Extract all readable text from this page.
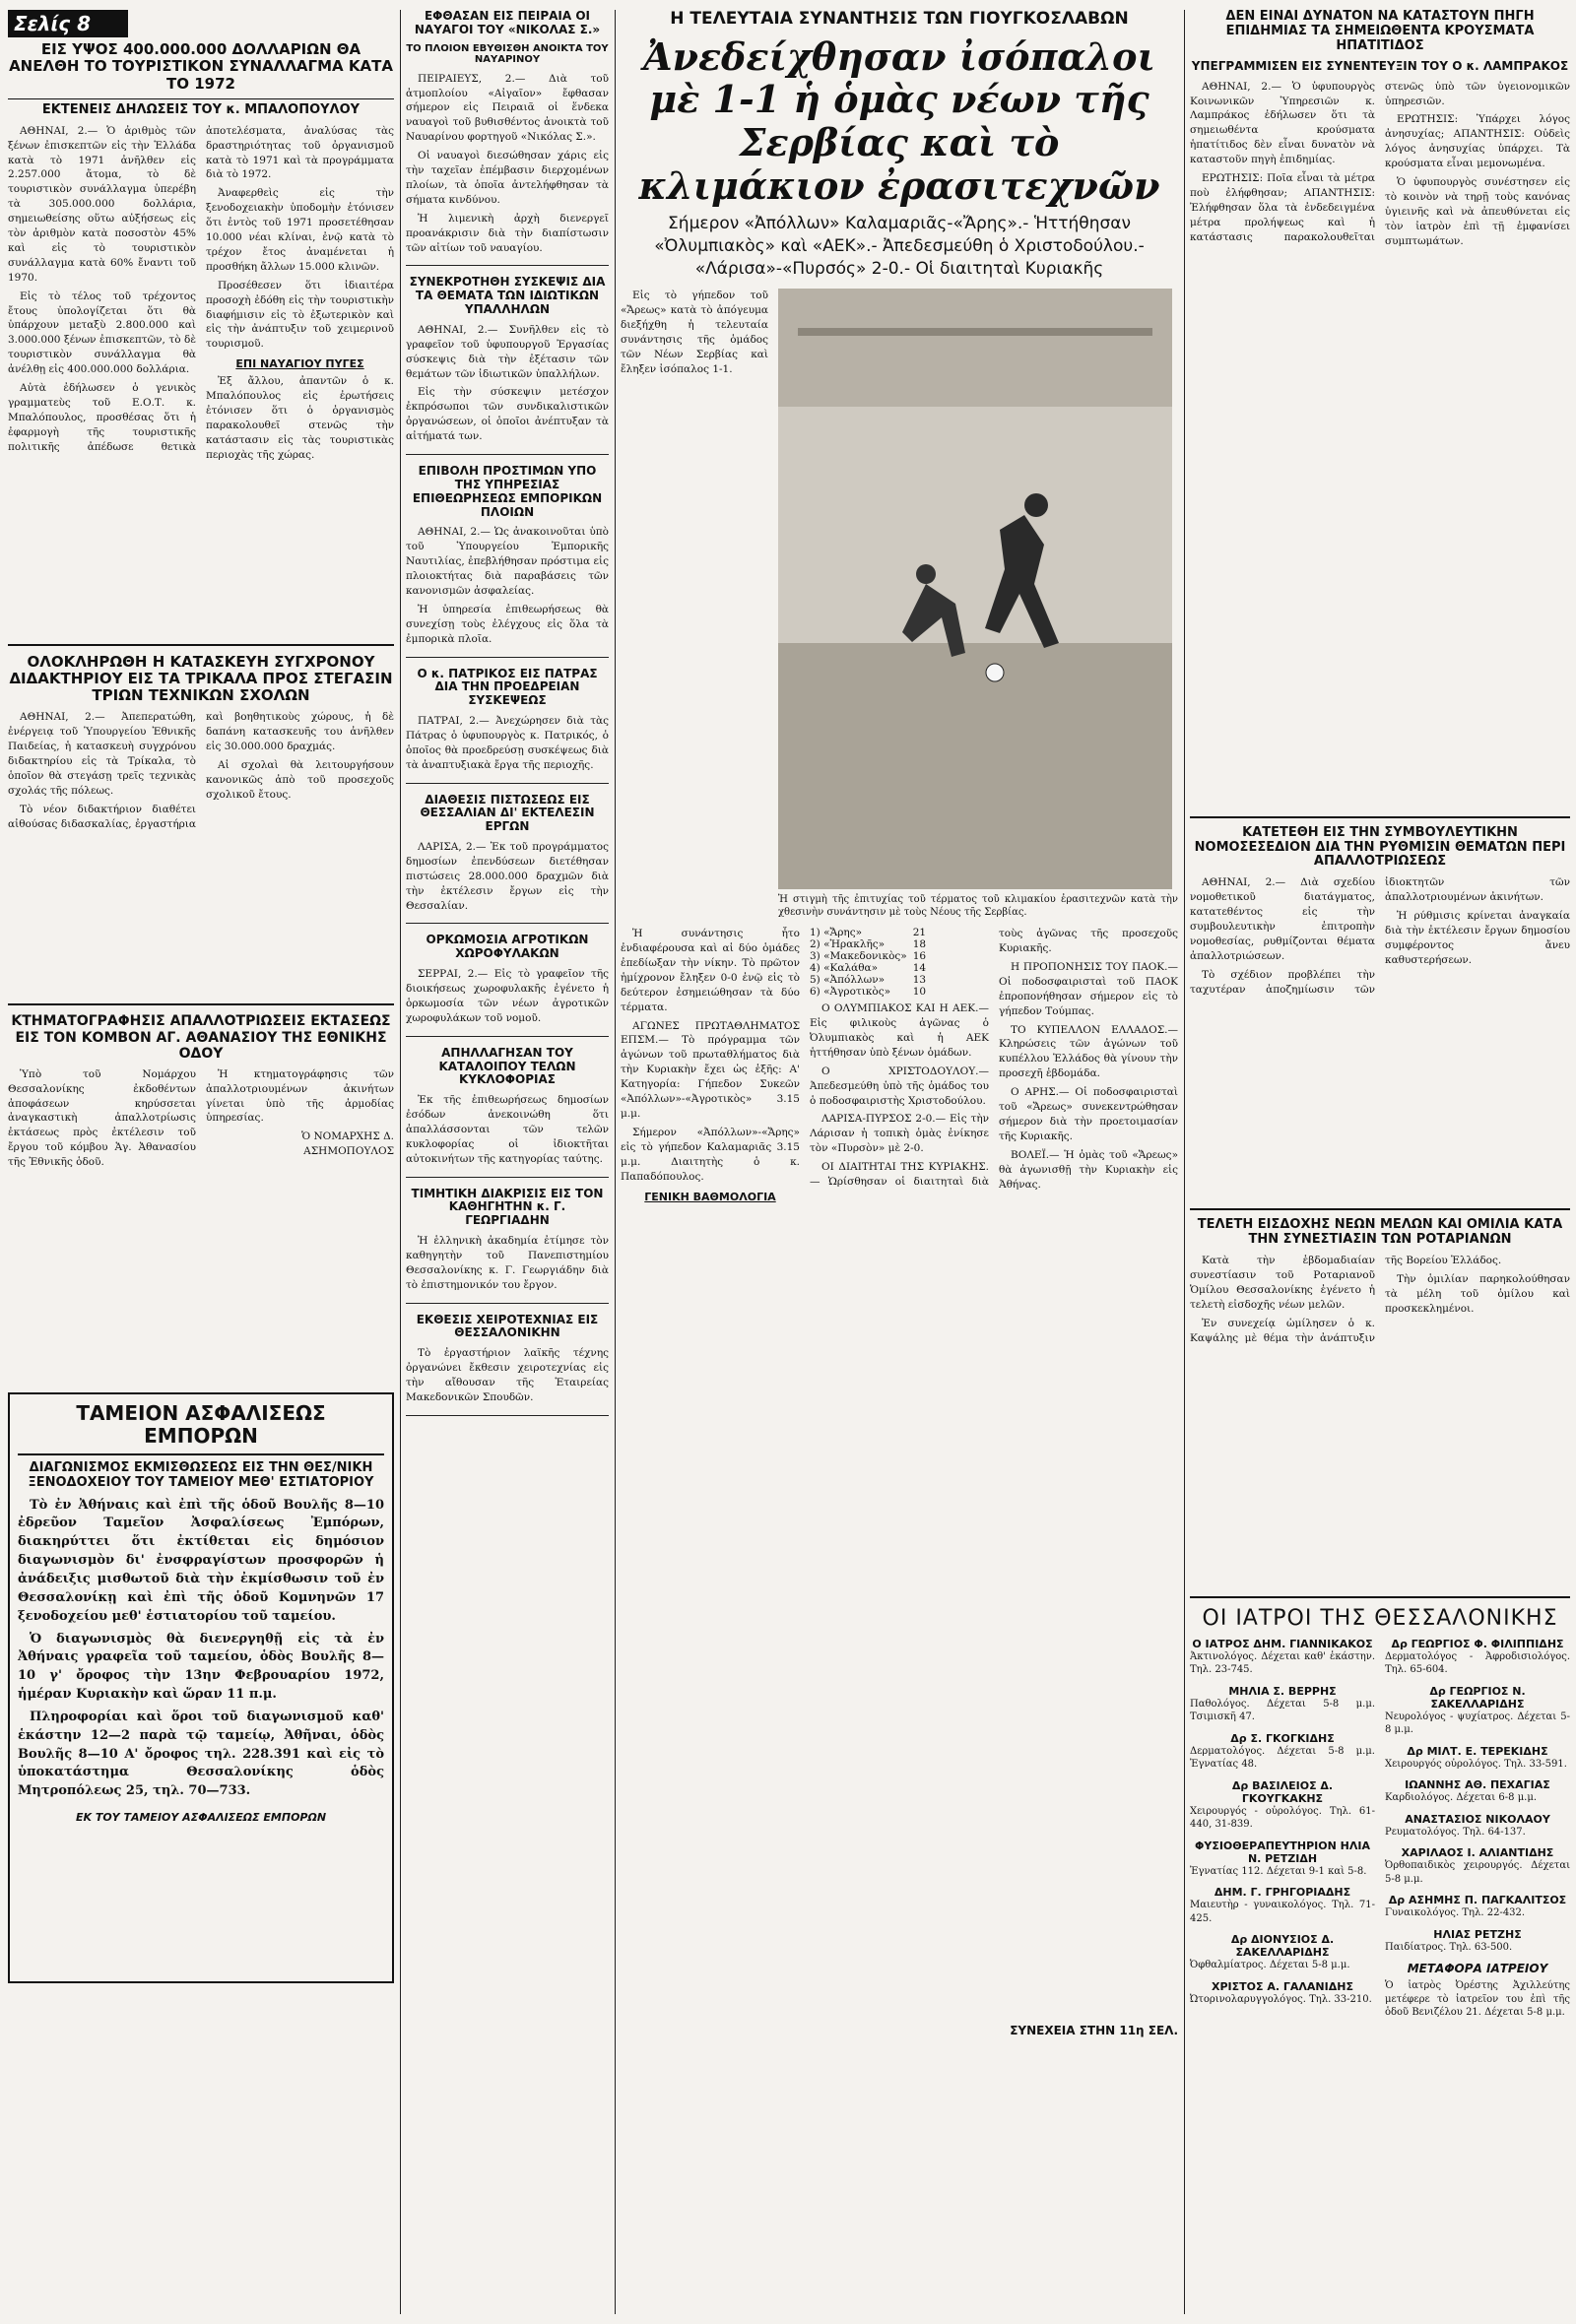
Σελίς 8
ΕΙΣ ΥΨΟΣ 400.000.000 ΔΟΛΛΑΡΙΩΝ ΘΑ ΑΝΕΛΘΗ ΤΟ ΤΟΥΡΙΣΤΙΚΟΝ ΣΥΝΑΛΛΑΓΜΑ ΚΑΤΑ ΤΟ 1972
ΕΚΤΕΝΕΙΣ ΔΗΛΩΣΕΙΣ ΤΟΥ κ. ΜΠΑΛΟΠΟΥΛΟΥ

ΑΘΗΝΑΙ, 2.— Ὁ ἀριθμὸς τῶν ξένων ἐπισκεπτῶν εἰς τὴν Ἑλλάδα κατὰ τὸ 1971 ἀνῆλθεν εἰς 2.257.000 ἄτομα, τὸ δὲ τουριστικὸν συνάλλαγμα ὑπερέβη τὰ 305.000.000 δολλάρια, σημειωθείσης οὕτω αὐξήσεως εἰς τὸν ἀριθμὸν κατὰ ποσοστὸν 45% καὶ εἰς τὸ τουριστικὸν συνάλλαγμα κατὰ 60% ἔναντι τοῦ 1970.

Εἰς τὸ τέλος τοῦ τρέχοντος ἔτους ὑπολογίζεται ὅτι θὰ ὑπάρχουν μεταξὺ 2.800.000 καὶ 3.000.000 ξένων ἐπισκεπτῶν, τὸ δὲ τουριστικὸν συνάλλαγμα θὰ ἀνέλθῃ εἰς 400.000.000 δολλάρια.

Αὐτὰ ἐδήλωσεν ὁ γενικὸς γραμματεὺς τοῦ Ε.Ο.Τ. κ. Μπαλόπουλος, προσθέσας ὅτι ἡ ἐφαρμογὴ τῆς τουριστικῆς πολιτικῆς ἀπέδωσε θετικὰ ἀποτελέσματα, ἀναλύσας τὰς δραστηριότητας τοῦ ὀργανισμοῦ κατὰ τὸ 1971 καὶ τὰ προγράμματα διὰ τὸ 1972.

Ἀναφερθεὶς εἰς τὴν ξενοδοχειακὴν ὑποδομὴν ἐτόνισεν ὅτι ἐντὸς τοῦ 1971 προσετέθησαν 10.000 νέαι κλίναι, ἐνῷ κατὰ τὸ τρέχον ἔτος ἀναμένεται ἡ προσθήκη ἄλλων 15.000 κλινῶν.

Προσέθεσεν ὅτι ἰδιαιτέρα προσοχὴ ἐδόθη εἰς τὴν τουριστικὴν διαφήμισιν εἰς τὸ ἐξωτερικὸν καὶ εἰς τὴν ἀνάπτυξιν τοῦ χειμερινοῦ τουρισμοῦ.

ΕΠΙ ΝΑΥΑΓΙΟΥ ΠΥΓΕΣ

Ἐξ ἄλλου, ἀπαντῶν ὁ κ. Μπαλόπουλος εἰς ἐρωτήσεις ἐτόνισεν ὅτι ὁ ὀργανισμὸς παρακολουθεῖ στενῶς τὴν κατάστασιν εἰς τὰς τουριστικὰς περιοχὰς τῆς χώρας.

ΟΛΟΚΛΗΡΩΘΗ Η ΚΑΤΑΣΚΕΥΗ ΣΥΓΧΡΟΝΟΥ ΔΙΔΑΚΤΗΡΙΟΥ ΕΙΣ ΤΑ ΤΡΙΚΑΛΑ ΠΡΟΣ ΣΤΕΓΑΣΙΝ ΤΡΙΩΝ ΤΕΧΝΙΚΩΝ ΣΧΟΛΩΝ

ΑΘΗΝΑΙ, 2.— Ἀπεπερατώθη, ἐνέργειᾳ τοῦ Ὑπουργείου Ἐθνικῆς Παιδείας, ἡ κατασκευὴ συγχρόνου διδακτηρίου εἰς τὰ Τρίκαλα, τὸ ὁποῖον θὰ στεγάσῃ τρεῖς τεχνικὰς σχολάς τῆς πόλεως.

Τὸ νέον διδακτήριον διαθέτει αἰθούσας διδασκαλίας, ἐργαστήρια καὶ βοηθητικοὺς χώρους, ἡ δὲ δαπάνη κατασκευῆς του ἀνῆλθεν εἰς 30.000.000 δραχμάς.

Αἱ σχολαὶ θὰ λειτουργήσουν κανονικῶς ἀπὸ τοῦ προσεχοῦς σχολικοῦ ἔτους.

ΚΤΗΜΑΤΟΓΡΑΦΗΣΙΣ ΑΠΑΛΛΟΤΡΙΩΣΕΙΣ ΕΚΤΑΣΕΩΣ ΕΙΣ ΤΟΝ ΚΟΜΒΟΝ ΑΓ. ΑΘΑΝΑΣΙΟΥ ΤΗΣ ΕΘΝΙΚΗΣ ΟΔΟΥ

Ὑπὸ τοῦ Νομάρχου Θεσσαλονίκης ἐκδοθέντων ἀποφάσεων κηρύσσεται ἀναγκαστικὴ ἀπαλλοτρίωσις ἐκτάσεως πρὸς ἐκτέλεσιν τοῦ ἔργου τοῦ κόμβου Ἁγ. Ἀθανασίου τῆς Ἐθνικῆς ὁδοῦ.

Ἡ κτηματογράφησις τῶν ἀπαλλοτριουμένων ἀκινήτων γίνεται ὑπὸ τῆς ἁρμοδίας ὑπηρεσίας.

Ὁ ΝΟΜΑΡΧΗΣ Δ. ΑΣΗΜΟΠΟΥΛΟΣ

ΤΑΜΕΙΟΝ ΑΣΦΑΛΙΣΕΩΣ ΕΜΠΟΡΩΝ
ΔΙΑΓΩΝΙΣΜΟΣ ΕΚΜΙΣΘΩΣΕΩΣ ΕΙΣ ΤΗΝ ΘΕΣ/ΝΙΚΗ ΞΕΝΟΔΟΧΕΙΟΥ ΤΟΥ ΤΑΜΕΙΟΥ ΜΕΘ' ΕΣΤΙΑΤΟΡΙΟΥ

Τὸ ἐν Ἀθήναις καὶ ἐπὶ τῆς ὁδοῦ Βουλῆς 8—10 ἐδρεῦον Ταμεῖον Ἀσφαλίσεως Ἐμπόρων, διακηρύττει ὅτι ἐκτίθεται εἰς δημόσιον διαγωνισμὸν δι' ἐνσφραγίστων προσφορῶν ἡ ἀνάδειξις μισθωτοῦ διὰ τὴν ἐκμίσθωσιν τοῦ ἐν Θεσσαλονίκῃ καὶ ἐπὶ τῆς ὁδοῦ Κομνηνῶν 17 ξενοδοχείου μεθ' ἑστιατορίου τοῦ ταμείου.

Ὁ διαγωνισμὸς θὰ διενεργηθῇ εἰς τὰ ἐν Ἀθήναις γραφεῖα τοῦ ταμείου, ὁδὸς Βουλῆς 8—10 γ' ὄροφος τὴν 13ην Φεβρουαρίου 1972, ἡμέραν Κυριακὴν καὶ ὥραν 11 π.μ.

Πληροφορίαι καὶ ὅροι τοῦ διαγωνισμοῦ καθ' ἑκάστην 12—2 παρὰ τῷ ταμείῳ, Ἀθῆναι, ὁδὸς Βουλῆς 8—10 Α' ὄροφος τηλ. 228.391 καὶ εἰς τὸ ὑποκατάστημα Θεσσαλονίκης ὁδὸς Μητροπόλεως 25, τηλ. 70—733.

ΕΚ ΤΟΥ ΤΑΜΕΙΟΥ ΑΣΦΑΛΙΣΕΩΣ ΕΜΠΟΡΩΝ
ΕΦΘΑΣΑΝ ΕΙΣ ΠΕΙΡΑΙΑ ΟΙ ΝΑΥΑΓΟΙ ΤΟΥ «ΝΙΚΟΛΑΣ Σ.»
ΤΟ ΠΛΟΙΟΝ ΕΒΥΘΙΣΘΗ ΑΝΟΙΚΤΑ ΤΟΥ ΝΑΥΑΡΙΝΟΥ

ΠΕΙΡΑΙΕΥΣ, 2.— Διὰ τοῦ ἀτμοπλοίου «Αἰγαῖον» ἔφθασαν σήμερον εἰς Πειραιᾶ οἱ ἕνδεκα ναυαγοὶ τοῦ βυθισθέντος ἀνοικτὰ τοῦ Ναυαρίνου φορτηγοῦ «Νικόλας Σ.».

Οἱ ναυαγοὶ διεσώθησαν χάρις εἰς τὴν ταχεῖαν ἐπέμβασιν διερχομένων πλοίων, τὰ ὁποῖα ἀντελήφθησαν τὰ σήματα κινδύνου.

Ἡ λιμενικὴ ἀρχὴ διενεργεῖ προανάκρισιν διὰ τὴν διαπίστωσιν τῶν αἰτίων τοῦ ναυαγίου.

ΣΥΝΕΚΡΟΤΗΘΗ ΣΥΣΚΕΨΙΣ ΔΙΑ ΤΑ ΘΕΜΑΤΑ ΤΩΝ ΙΔΙΩΤΙΚΩΝ ΥΠΑΛΛΗΛΩΝ

ΑΘΗΝΑΙ, 2.— Συνῆλθεν εἰς τὸ γραφεῖον τοῦ ὑφυπουργοῦ Ἐργασίας σύσκεψις διὰ τὴν ἐξέτασιν τῶν θεμάτων τῶν ἰδιωτικῶν ὑπαλλήλων.

Εἰς τὴν σύσκεψιν μετέσχον ἐκπρόσωποι τῶν συνδικαλιστικῶν ὀργανώσεων, οἱ ὁποῖοι ἀνέπτυξαν τὰ αἰτήματά των.

ΕΠΙΒΟΛΗ ΠΡΟΣΤΙΜΩΝ ΥΠΟ ΤΗΣ ΥΠΗΡΕΣΙΑΣ ΕΠΙΘΕΩΡΗΣΕΩΣ ΕΜΠΟΡΙΚΩΝ ΠΛΟΙΩΝ

ΑΘΗΝΑΙ, 2.— Ὡς ἀνακοινοῦται ὑπὸ τοῦ Ὑπουργείου Ἐμπορικῆς Ναυτιλίας, ἐπεβλήθησαν πρόστιμα εἰς πλοιοκτήτας διὰ παραβάσεις τῶν κανονισμῶν ἀσφαλείας.

Ἡ ὑπηρεσία ἐπιθεωρήσεως θὰ συνεχίσῃ τοὺς ἐλέγχους εἰς ὅλα τὰ ἐμπορικὰ πλοῖα.

Ο κ. ΠΑΤΡΙΚΟΣ ΕΙΣ ΠΑΤΡΑΣ ΔΙΑ ΤΗΝ ΠΡΟΕΔΡΕΙΑΝ ΣΥΣΚΕΨΕΩΣ

ΠΑΤΡΑΙ, 2.— Ἀνεχώρησεν διὰ τὰς Πάτρας ὁ ὑφυπουργὸς κ. Πατρικός, ὁ ὁποῖος θὰ προεδρεύσῃ συσκέψεως διὰ τὰ ἀναπτυξιακὰ ἔργα τῆς περιοχῆς.

ΔΙΑΘΕΣΙΣ ΠΙΣΤΩΣΕΩΣ ΕΙΣ ΘΕΣΣΑΛΙΑΝ ΔΙ' ΕΚΤΕΛΕΣΙΝ ΕΡΓΩΝ

ΛΑΡΙΣΑ, 2.— Ἐκ τοῦ προγράμματος δημοσίων ἐπενδύσεων διετέθησαν πιστώσεις 28.000.000 δραχμῶν διὰ τὴν ἐκτέλεσιν ἔργων εἰς τὴν Θεσσαλίαν.

ΟΡΚΩΜΟΣΙΑ ΑΓΡΟΤΙΚΩΝ ΧΩΡΟΦΥΛΑΚΩΝ

ΣΕΡΡΑΙ, 2.— Εἰς τὸ γραφεῖον τῆς διοικήσεως χωροφυλακῆς ἐγένετο ἡ ὁρκωμοσία τῶν νέων ἀγροτικῶν χωροφυλάκων τοῦ νομοῦ.

ΑΠΗΛΛΑΓΗΣΑΝ ΤΟΥ ΚΑΤΑΛΟΙΠΟΥ ΤΕΛΩΝ ΚΥΚΛΟΦΟΡΙΑΣ

Ἐκ τῆς ἐπιθεωρήσεως δημοσίων ἐσόδων ἀνεκοινώθη ὅτι ἀπαλλάσσονται τῶν τελῶν κυκλοφορίας οἱ ἰδιοκτῆται αὐτοκινήτων τῆς κατηγορίας ταύτης.

ΤΙΜΗΤΙΚΗ ΔΙΑΚΡΙΣΙΣ ΕΙΣ ΤΟΝ ΚΑΘΗΓΗΤΗΝ κ. Γ. ΓΕΩΡΓΙΑΔΗΝ

Ἡ ἑλληνικὴ ἀκαδημία ἐτίμησε τὸν καθηγητὴν τοῦ Πανεπιστημίου Θεσσαλονίκης κ. Γ. Γεωργιάδην διὰ τὸ ἐπιστημονικόν του ἔργον.

ΕΚΘΕΣΙΣ ΧΕΙΡΟΤΕΧΝΙΑΣ ΕΙΣ ΘΕΣΣΑΛΟΝΙΚΗΝ

Τὸ ἐργαστήριον λαϊκῆς τέχνης ὀργανώνει ἔκθεσιν χειροτεχνίας εἰς τὴν αἴθουσαν τῆς Ἑταιρείας Μακεδονικῶν Σπουδῶν.

Η ΤΕΛΕΥΤΑΙΑ ΣΥΝΑΝΤΗΣΙΣ ΤΩΝ ΓΙΟΥΓΚΟΣΛΑΒΩΝ
Ἀνεδείχθησαν ἰσόπαλοι μὲ 1-1 ἡ ὁμὰς νέων τῆς Σερβίας καὶ τὸ κλιμάκιον ἐρασιτεχνῶν
Σήμερον «Ἀπόλλων» Καλαμαριᾶς-«Ἄρης».- Ἡττήθησαν «Ὀλυμπιακὸς» καὶ «ΑΕΚ».- Ἀπεδεσμεύθη ὁ Χριστοδούλου.- «Λάρισα»-«Πυρσός» 2-0.- Οἱ διαιτηταὶ Κυριακῆς

Εἰς τὸ γήπεδον τοῦ «Ἄρεως» κατὰ τὸ ἀπόγευμα διεξήχθη ἡ τελευταία συνάντησις τῆς ὁμάδος τῶν Νέων Σερβίας καὶ ἔληξεν ἰσόπαλος 1-1.

Ἡ στιγμὴ τῆς ἐπιτυχίας τοῦ τέρματος τοῦ κλιμακίου ἐρασιτεχνῶν κατὰ τὴν χθεσινὴν συνάντησιν μὲ τοὺς Νέους τῆς Σερβίας.

Ἡ συνάντησις ἦτο ἐνδιαφέρουσα καὶ αἱ δύο ὁμάδες ἐπεδίωξαν τὴν νίκην. Τὸ πρῶτον ἡμίχρονον ἔληξεν 0-0 ἐνῷ εἰς τὸ δεύτερον ἐσημειώθησαν τὰ δύο τέρματα.

ΑΓΩΝΕΣ ΠΡΩΤΑΘΛΗΜΑΤΟΣ ΕΠΣΜ.— Τὸ πρόγραμμα τῶν ἀγώνων τοῦ πρωταθλήματος διὰ τὴν Κυριακὴν ἔχει ὡς ἑξῆς: Α' Κατηγορία: Γήπεδον Συκεῶν «Ἀπόλλων»-«Ἀγροτικὸς» 3.15 μ.μ.

Σήμερον «Ἀπόλλων»-«Ἄρης» εἰς τὸ γήπεδον Καλαμαριᾶς 3.15 μ.μ. Διαιτητὴς ὁ κ. Παπαδόπουλος.

ΓΕΝΙΚΗ ΒΑΘΜΟΛΟΓΙΑ
1) «Ἄρης»	21
2) «Ἠρακλῆς»	18
3) «Μακεδονικὸς»	16
4) «Καλάθα»	14
5) «Ἀπόλλων»	13
6) «Ἀγροτικὸς»	10

Ο ΟΛΥΜΠΙΑΚΟΣ ΚΑΙ Η ΑΕΚ.— Εἰς φιλικοὺς ἀγῶνας ὁ Ὀλυμπιακὸς καὶ ἡ ΑΕΚ ἡττήθησαν ὑπὸ ξένων ὁμάδων.

Ο ΧΡΙΣΤΟΔΟΥΛΟΥ.— Ἀπεδεσμεύθη ὑπὸ τῆς ὁμάδος του ὁ ποδοσφαιριστὴς Χριστοδούλου.

ΛΑΡΙΣΑ-ΠΥΡΣΟΣ 2-0.— Εἰς τὴν Λάρισαν ἡ τοπικὴ ὁμὰς ἐνίκησε τὸν «Πυρσὸν» μὲ 2-0.

ΟΙ ΔΙΑΙΤΗΤΑΙ ΤΗΣ ΚΥΡΙΑΚΗΣ.— Ὡρίσθησαν οἱ διαιτηταὶ διὰ τοὺς ἀγῶνας τῆς προσεχοῦς Κυριακῆς.

Η ΠΡΟΠΟΝΗΣΙΣ ΤΟΥ ΠΑΟΚ.— Οἱ ποδοσφαιρισταὶ τοῦ ΠΑΟΚ ἐπροπονήθησαν σήμερον εἰς τὸ γήπεδον Τούμπας.

ΤΟ ΚΥΠΕΛΛΟΝ ΕΛΛΑΔΟΣ.— Κληρώσεις τῶν ἀγώνων τοῦ κυπέλλου Ἑλλάδος θὰ γίνουν τὴν προσεχῆ ἑβδομάδα.

Ο ΑΡΗΣ.— Οἱ ποδοσφαιρισταὶ τοῦ «Ἄρεως» συνεκεντρώθησαν σήμερον διὰ τὴν προετοιμασίαν τῆς Κυριακῆς.

ΒΟΛΕΪ.— Ἡ ὁμὰς τοῦ «Ἄρεως» θὰ ἀγωνισθῇ τὴν Κυριακὴν εἰς Ἀθήνας.

ΣΥΝΕΧΕΙΑ ΣΤΗΝ 11η ΣΕΛ.
ΔΕΝ ΕΙΝΑΙ ΔΥΝΑΤΟΝ ΝΑ ΚΑΤΑΣΤΟΥΝ ΠΗΓΗ ΕΠΙΔΗΜΙΑΣ ΤΑ ΣΗΜΕΙΩΘΕΝΤΑ ΚΡΟΥΣΜΑΤΑ ΗΠΑΤΙΤΙΔΟΣ
ΥΠΕΓΡΑΜΜΙΣΕΝ ΕΙΣ ΣΥΝΕΝΤΕΥΞΙΝ ΤΟΥ Ο κ. ΛΑΜΠΡΑΚΟΣ

ΑΘΗΝΑΙ, 2.— Ὁ ὑφυπουργὸς Κοινωνικῶν Ὑπηρεσιῶν κ. Λαμπράκος ἐδήλωσεν ὅτι τὰ σημειωθέντα κρούσματα ἡπατίτιδος δὲν εἶναι δυνατὸν νὰ καταστοῦν πηγὴ ἐπιδημίας.

ΕΡΩΤΗΣΙΣ: Ποῖα εἶναι τὰ μέτρα ποὺ ἐλήφθησαν; ΑΠΑΝΤΗΣΙΣ: Ἐλήφθησαν ὅλα τὰ ἐνδεδειγμένα μέτρα προλήψεως καὶ ἡ κατάστασις παρακολουθεῖται στενῶς ὑπὸ τῶν ὑγειονομικῶν ὑπηρεσιῶν.

ΕΡΩΤΗΣΙΣ: Ὑπάρχει λόγος ἀνησυχίας; ΑΠΑΝΤΗΣΙΣ: Οὐδεὶς λόγος ἀνησυχίας ὑπάρχει. Τὰ κρούσματα εἶναι μεμονωμένα.

Ὁ ὑφυπουργὸς συνέστησεν εἰς τὸ κοινὸν νὰ τηρῇ τοὺς κανόνας ὑγιεινῆς καὶ νὰ ἀπευθύνεται εἰς τὸν ἰατρὸν ἐπὶ τῇ ἐμφανίσει συμπτωμάτων.

ΚΑΤΕΤΕΘΗ ΕΙΣ ΤΗΝ ΣΥΜΒΟΥΛΕΥΤΙΚΗΝ ΝΟΜΟΣΕΣΕΔΙΟΝ ΔΙΑ ΤΗΝ ΡΥΘΜΙΣΙΝ ΘΕΜΑΤΩΝ ΠΕΡΙ ΑΠΑΛΛΟΤΡΙΩΣΕΩΣ

ΑΘΗΝΑΙ, 2.— Διὰ σχεδίου νομοθετικοῦ διατάγματος, κατατεθέντος εἰς τὴν συμβουλευτικὴν ἐπιτροπὴν νομοθεσίας, ρυθμίζονται θέματα ἀπαλλοτριώσεων.

Τὸ σχέδιον προβλέπει τὴν ταχυτέραν ἀποζημίωσιν τῶν ἰδιοκτητῶν τῶν ἀπαλλοτριουμένων ἀκινήτων.

Ἡ ρύθμισις κρίνεται ἀναγκαία διὰ τὴν ἐκτέλεσιν ἔργων δημοσίου συμφέροντος ἄνευ καθυστερήσεων.

ΤΕΛΕΤΗ ΕΙΣΔΟΧΗΣ ΝΕΩΝ ΜΕΛΩΝ ΚΑΙ ΟΜΙΛΙΑ ΚΑΤΑ ΤΗΝ ΣΥΝΕΣΤΙΑΣΙΝ ΤΩΝ ΡΟΤΑΡΙΑΝΩΝ

Κατὰ τὴν ἑβδομαδιαίαν συνεστίασιν τοῦ Ροταριανοῦ Ὁμίλου Θεσσαλονίκης ἐγένετο ἡ τελετὴ εἰσδοχῆς νέων μελῶν.

Ἐν συνεχείᾳ ὡμίλησεν ὁ κ. Καψάλης μὲ θέμα τὴν ἀνάπτυξιν τῆς Βορείου Ἑλλάδος.

Τὴν ὁμιλίαν παρηκολούθησαν τὰ μέλη τοῦ ὁμίλου καὶ προσκεκλημένοι.

ΟΙ ΙΑΤΡΟΙ ΤΗΣ ΘΕΣΣΑΛΟΝΙΚΗΣ
Ο ΙΑΤΡΟΣ ΔΗΜ. ΓΙΑΝΝΙΚΑΚΟΣ
Ἀκτινολόγος. Δέχεται καθ' ἑκάστην. Τηλ. 23-745.
ΜΗΛΙΑ Σ. ΒΕΡΡΗΣ
Παθολόγος. Δέχεται 5-8 μ.μ. Τσιμισκῆ 47.
Δρ Σ. ΓΚΟΓΚΙΔΗΣ
Δερματολόγος. Δέχεται 5-8 μ.μ. Ἐγνατίας 48.
Δρ ΒΑΣΙΛΕΙΟΣ Δ. ΓΚΟΥΓΚΑΚΗΣ
Χειρουργός - οὐρολόγος. Τηλ. 61-440, 31-839.
ΦΥΣΙΟΘΕΡΑΠΕΥΤΗΡΙΟΝ ΗΛΙΑ Ν. ΡΕΤΖΙΔΗ
Ἐγνατίας 112. Δέχεται 9-1 καὶ 5-8.
ΔΗΜ. Γ. ΓΡΗΓΟΡΙΑΔΗΣ
Μαιευτὴρ - γυναικολόγος. Τηλ. 71-425.
Δρ ΔΙΟΝΥΣΙΟΣ Δ. ΣΑΚΕΛΛΑΡΙΔΗΣ
Ὀφθαλμίατρος. Δέχεται 5-8 μ.μ.
ΧΡΙΣΤΟΣ Α. ΓΑΛΑΝΙΔΗΣ
Ὠτορινολαρυγγολόγος. Τηλ. 33-210.
Δρ ΓΕΩΡΓΙΟΣ Φ. ΦΙΛΙΠΠΙΔΗΣ
Δερματολόγος - Ἀφροδισιολόγος. Τηλ. 65-604.
Δρ ΓΕΩΡΓΙΟΣ Ν. ΣΑΚΕΛΛΑΡΙΔΗΣ
Νευρολόγος - ψυχίατρος. Δέχεται 5-8 μ.μ.
Δρ ΜΙΛΤ. Ε. ΤΕΡΕΚΙΔΗΣ
Χειρουργός οὐρολόγος. Τηλ. 33-591.
ΙΩΑΝΝΗΣ ΑΘ. ΠΕΧΑΓΙΑΣ
Καρδιολόγος. Δέχεται 6-8 μ.μ.
ΑΝΑΣΤΑΣΙΟΣ ΝΙΚΟΛΑΟΥ
Ρευματολόγος. Τηλ. 64-137.
ΧΑΡΙΛΑΟΣ Ι. ΑΛΙΑΝΤΙΔΗΣ
Ὀρθοπαιδικὸς χειρουργός. Δέχεται 5-8 μ.μ.
Δρ ΑΣΗΜΗΣ Π. ΠΑΓΚΑΛΙΤΣΟΣ
Γυναικολόγος. Τηλ. 22-432.
ΗΛΙΑΣ ΡΕΤΖΗΣ
Παιδίατρος. Τηλ. 63-500.
ΜΕΤΑΦΟΡΑ ΙΑΤΡΕΙΟΥ
Ὁ ἰατρὸς Ὀρέστης Ἀχιλλεύτης μετέφερε τὸ ἰατρεῖον του ἐπὶ τῆς ὁδοῦ Βενιζέλου 21. Δέχεται 5-8 μ.μ.
